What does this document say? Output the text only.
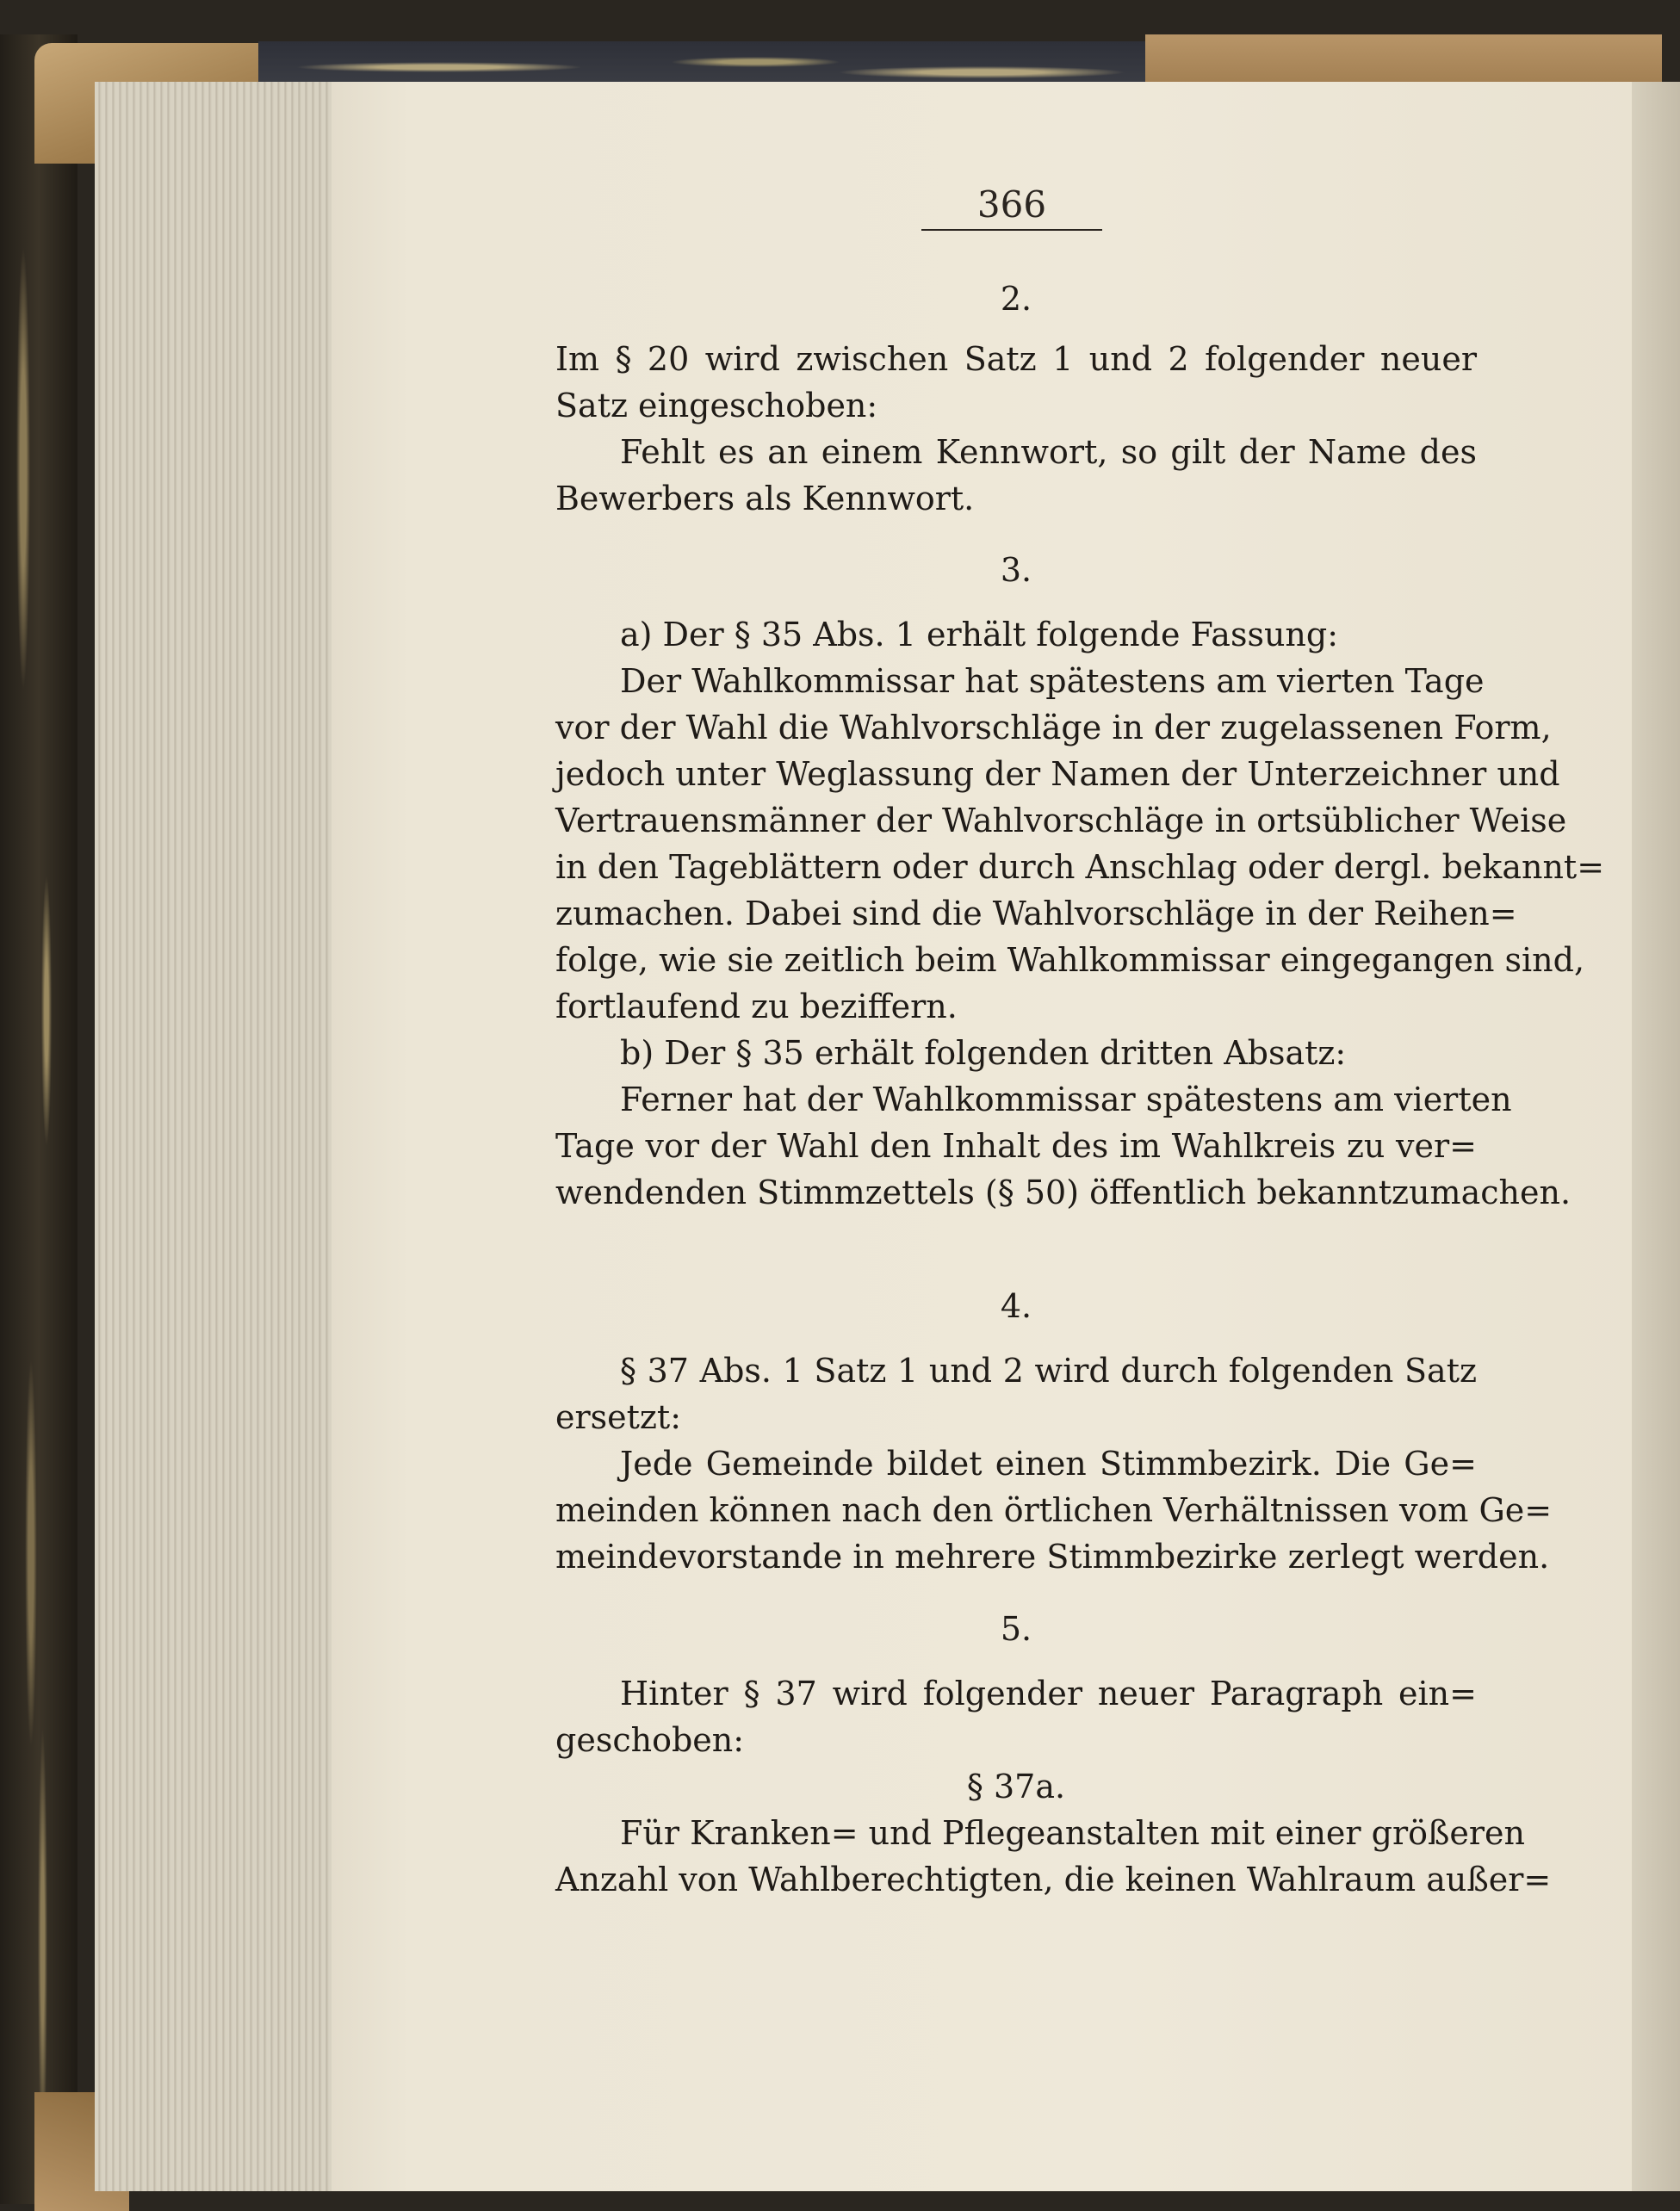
366
2.
Im § 20 wird zwischen Satz 1 und 2 folgender neuer
Satz eingeschoben:
Fehlt es an einem Kennwort, so gilt der Name des
Bewerbers als Kennwort.
3.
a) Der § 35 Abs. 1 erhält folgende Fassung:
Der Wahlkommissar hat spätestens am vierten Tage
vor der Wahl die Wahlvorschläge in der zugelassenen Form,
jedoch unter Weglassung der Namen der Unterzeichner und
Vertrauensmänner der Wahlvorschläge in ortsüblicher Weise
in den Tageblättern oder durch Anschlag oder dergl. bekannt=
zumachen. Dabei sind die Wahlvorschläge in der Reihen=
folge, wie sie zeitlich beim Wahlkommissar eingegangen sind,
fortlaufend zu beziffern.
b) Der § 35 erhält folgenden dritten Absatz:
Ferner hat der Wahlkommissar spätestens am vierten
Tage vor der Wahl den Inhalt des im Wahlkreis zu ver=
wendenden Stimmzettels (§ 50) öffentlich bekanntzumachen.
4.
§ 37 Abs. 1 Satz 1 und 2 wird durch folgenden Satz
ersetzt:
Jede Gemeinde bildet einen Stimmbezirk. Die Ge=
meinden können nach den örtlichen Verhältnissen vom Ge=
meindevorstande in mehrere Stimmbezirke zerlegt werden.
5.
Hinter § 37 wird folgender neuer Paragraph ein=
geschoben:
§ 37a.
Für Kranken= und Pflegeanstalten mit einer größeren
Anzahl von Wahlberechtigten, die keinen Wahlraum außer=
